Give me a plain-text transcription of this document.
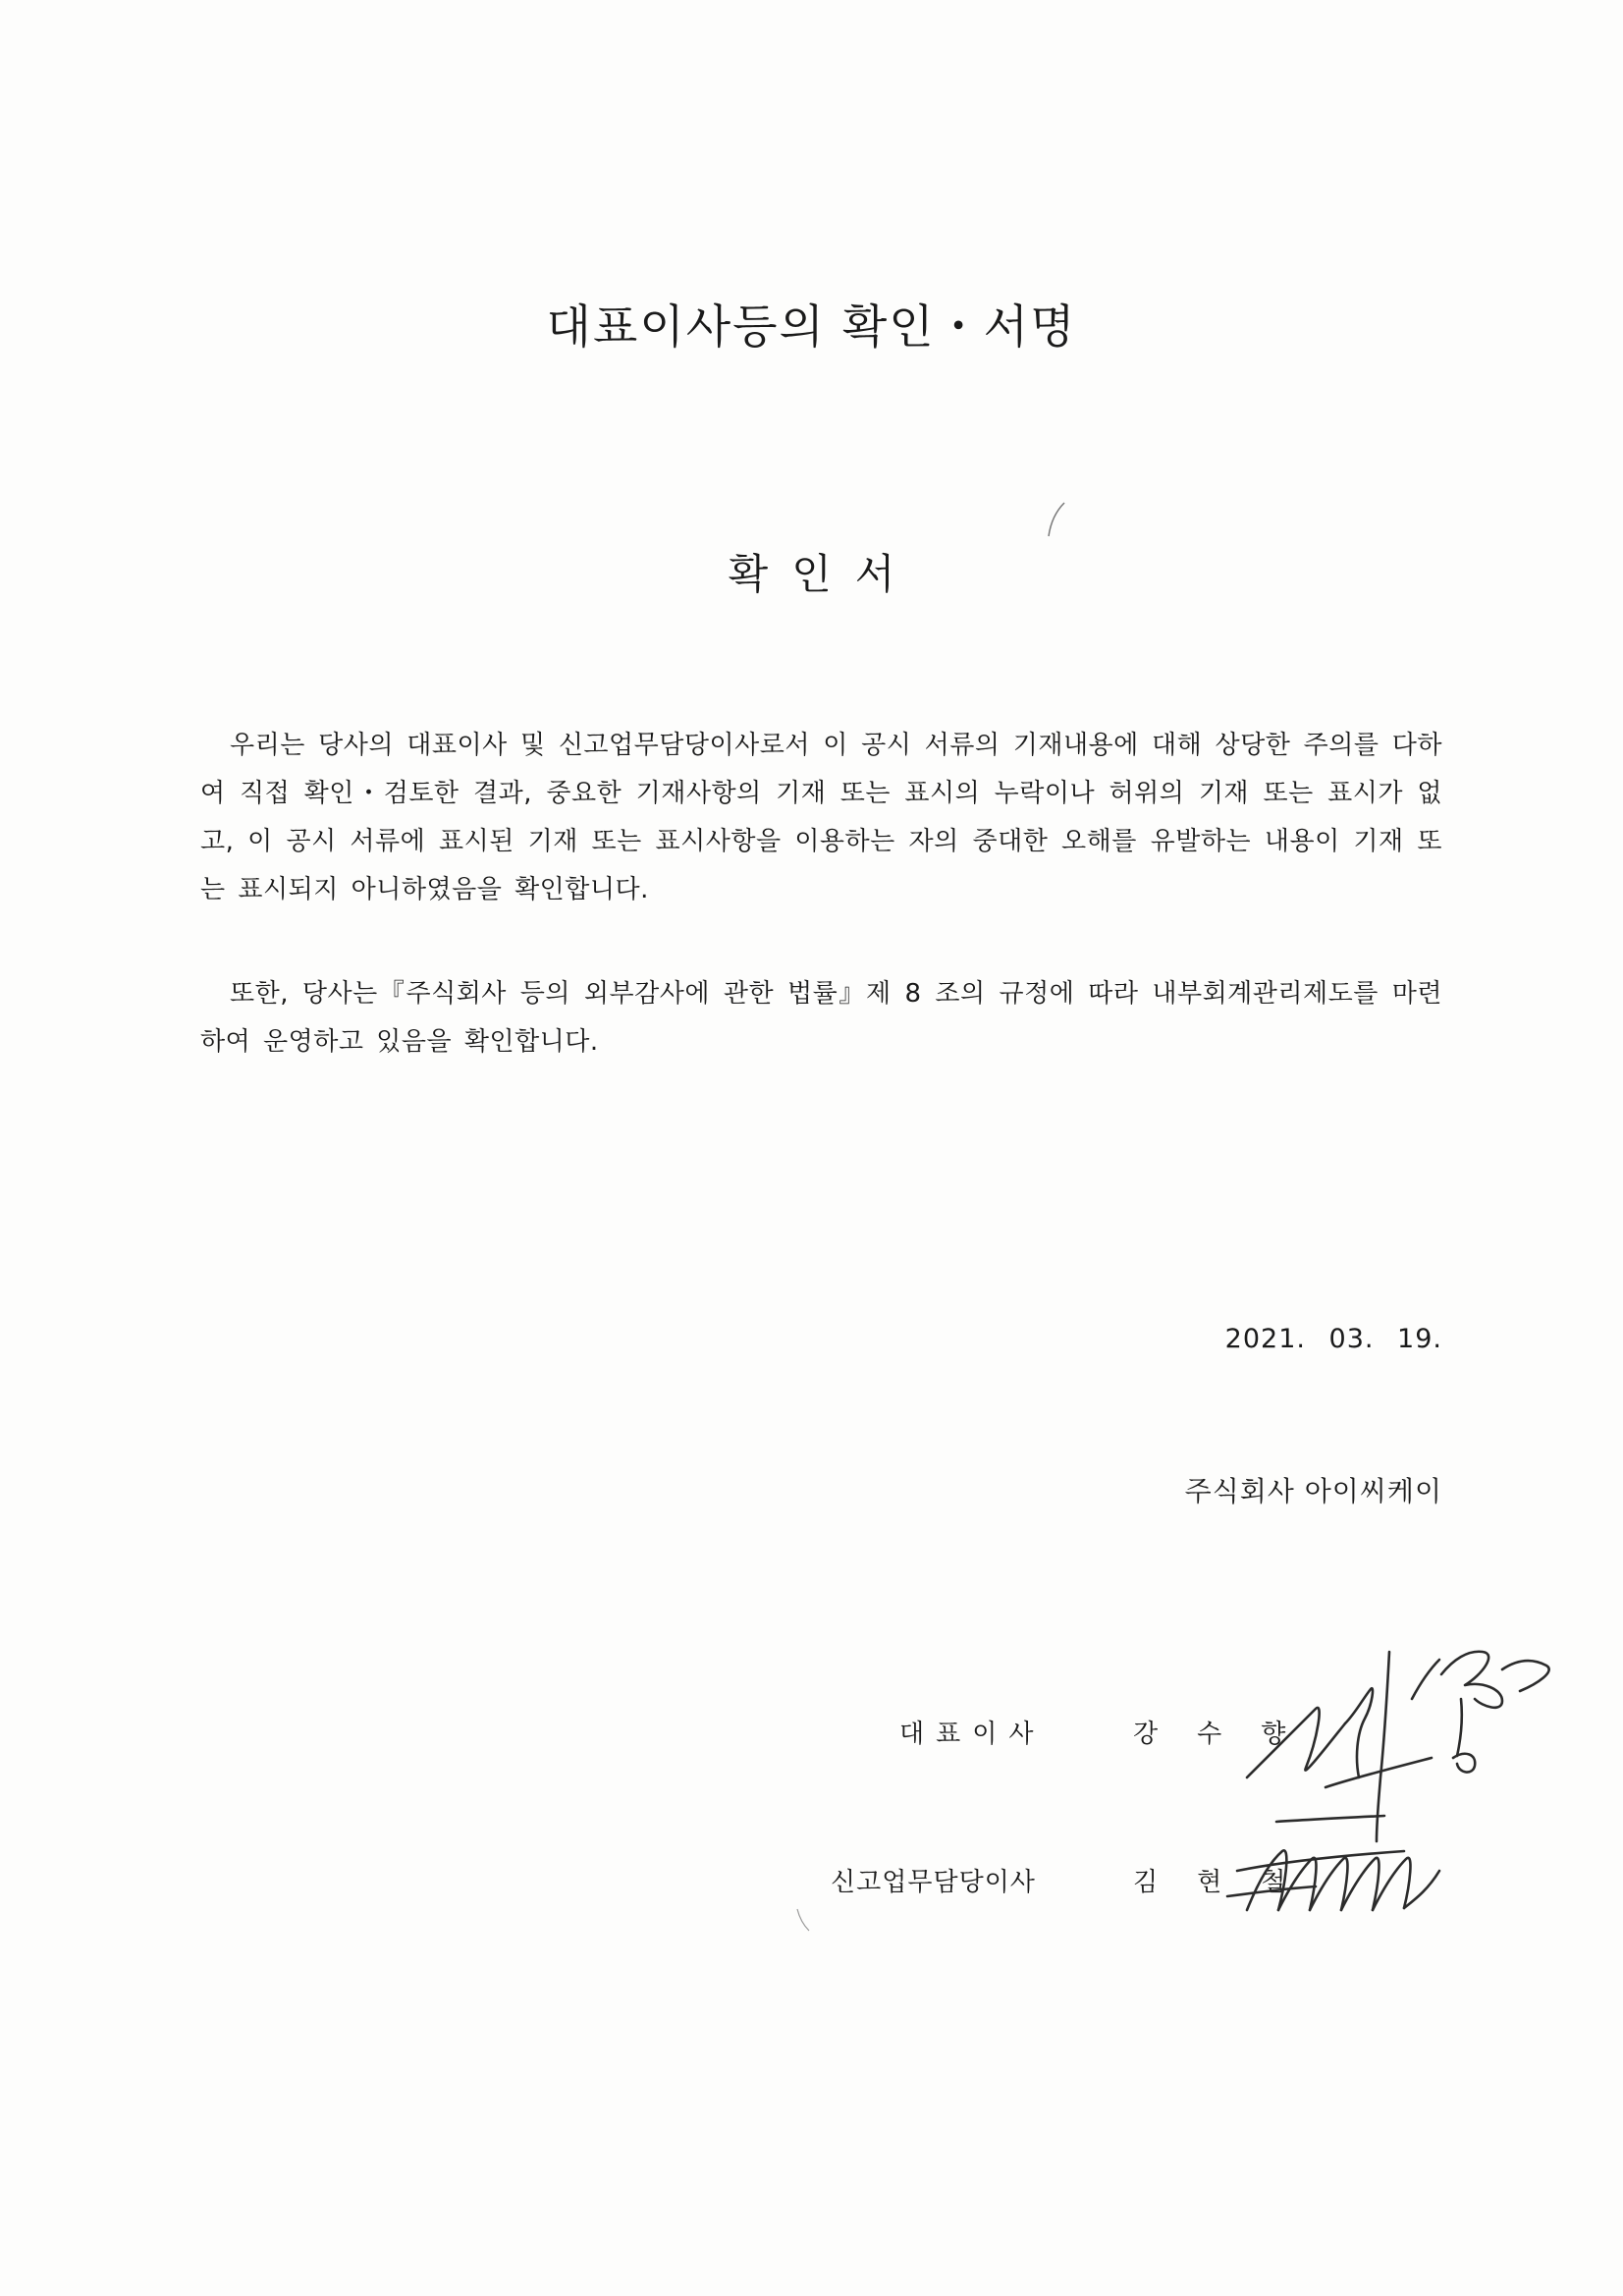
대표이사등의 확인・서명
확인서

우리는 당사의 대표이사 및 신고업무담당이사로서 이 공시 서류의 기재내용에 대해 상당한 주의를 다하여 직접 확인・검토한 결과, 중요한 기재사항의 기재 또는 표시의 누락이나 허위의 기재 또는 표시가 없고, 이 공시 서류에 표시된 기재 또는 표시사항을 이용하는 자의 중대한 오해를 유발하는 내용이 기재 또는 표시되지 아니하였음을 확인합니다.

또한, 당사는『주식회사 등의 외부감사에 관한 법률』제 8 조의 규정에 따라 내부회계관리제도를 마련하여 운영하고 있음을 확인합니다.

2021. 03. 19.
주식회사 아이씨케이
대표이사	강수향
신고업무담당이사	김현철
